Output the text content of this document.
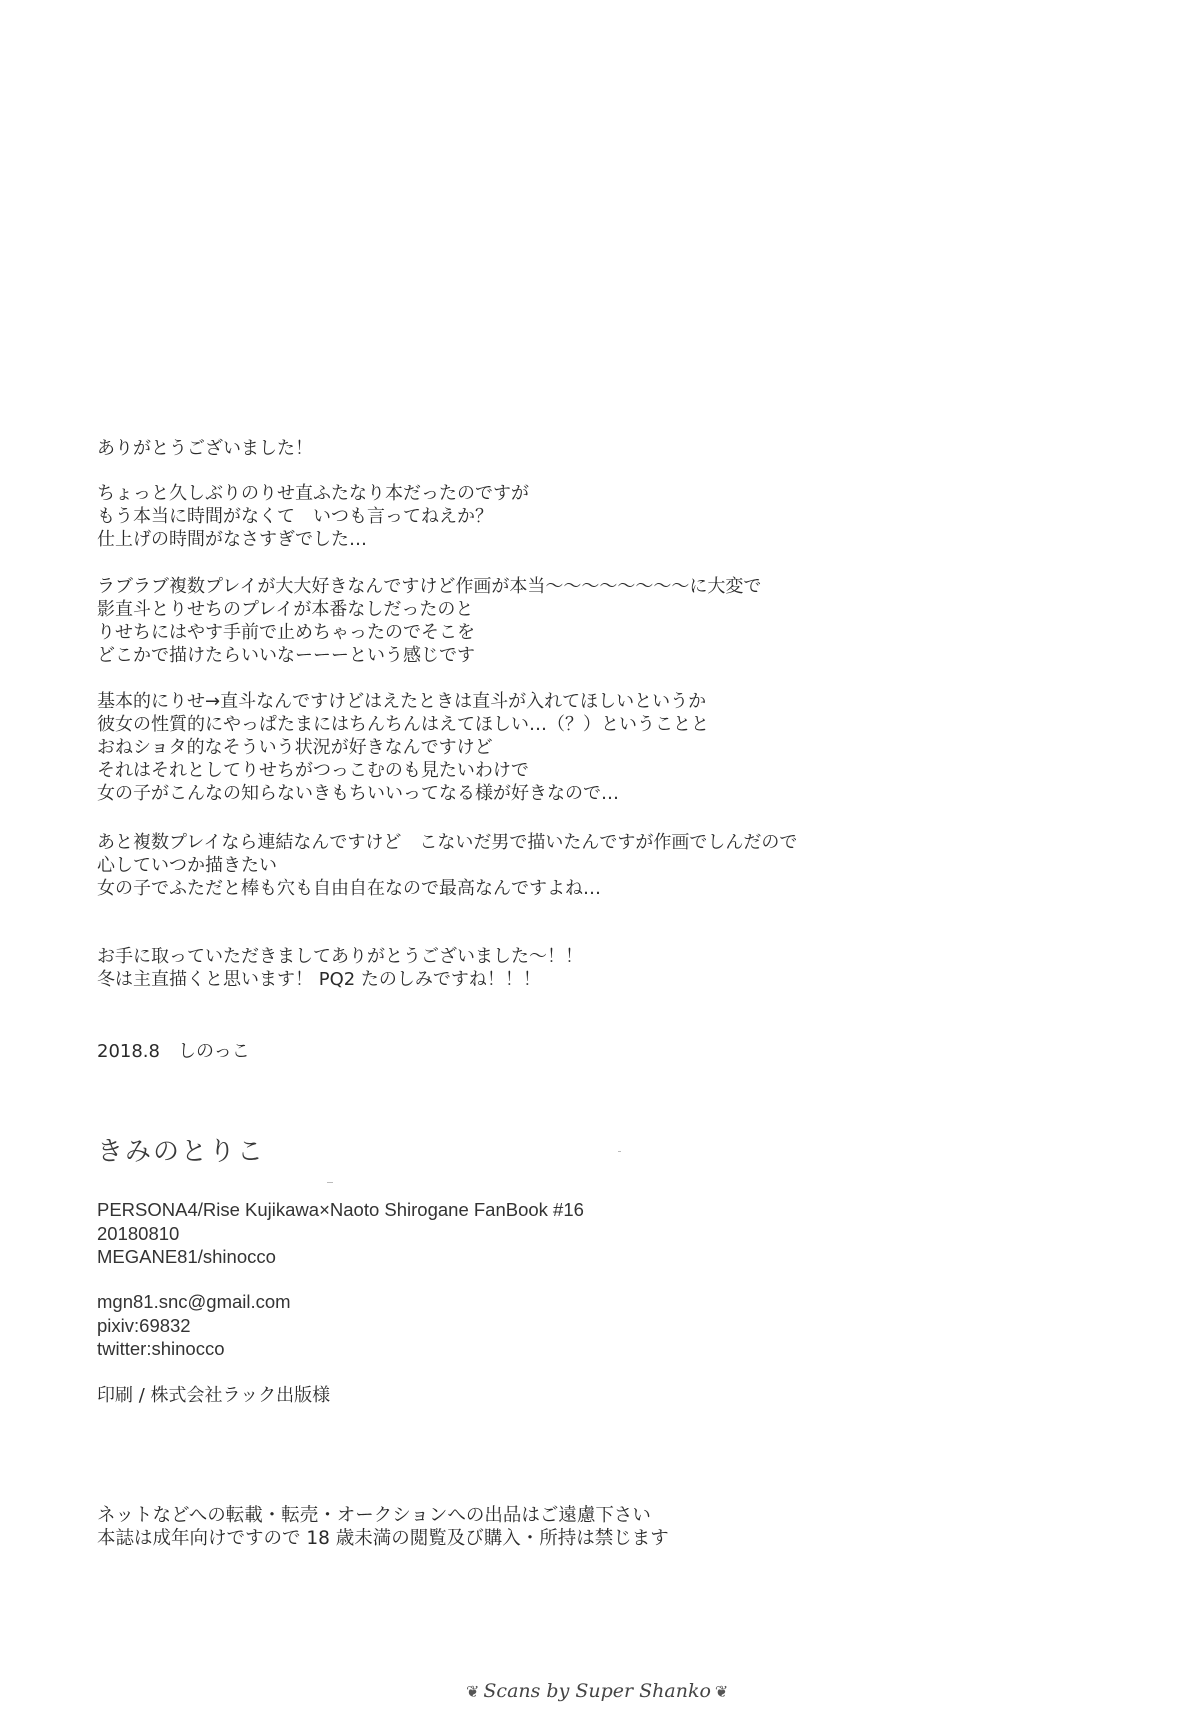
ありがとうございました！
ちょっと久しぶりのりせ直ふたなり本だったのですが
もう本当に時間がなくて　いつも言ってねえか？
仕上げの時間がなさすぎでした…
ラブラブ複数プレイが大大好きなんですけど作画が本当〜〜〜〜〜〜〜〜に大変で
影直斗とりせちのプレイが本番なしだったのと
りせちにはやす手前で止めちゃったのでそこを
どこかで描けたらいいなーーーという感じです
基本的にりせ→直斗なんですけどはえたときは直斗が入れてほしいというか
彼女の性質的にやっぱたまにはちんちんはえてほしい…（？）ということと
おねショタ的なそういう状況が好きなんですけど
それはそれとしてりせちがつっこむのも見たいわけで
女の子がこんなの知らないきもちいいってなる様が好きなので…
あと複数プレイなら連結なんですけど　こないだ男で描いたんですが作画でしんだので
心していつか描きたい
女の子でふただと棒も穴も自由自在なので最高なんですよね…
お手に取っていただきましてありがとうございました〜！！
冬は主直描くと思います！ PQ2 たのしみですね！！！
2018.8　しのっこ
きみのとりこ
PERSONA4/Rise Kujikawa×Naoto Shirogane FanBook #16
20180810
MEGANE81/shinocco
mgn81.snc@gmail.com
pixiv:69832
twitter:shinocco
印刷 / 株式会社ラック出版様
ネットなどへの転載・転売・オークションへの出品はご遠慮下さい
本誌は成年向けですので 18 歳未満の閲覧及び購入・所持は禁じます
❦ Scans by Super Shanko ❦
